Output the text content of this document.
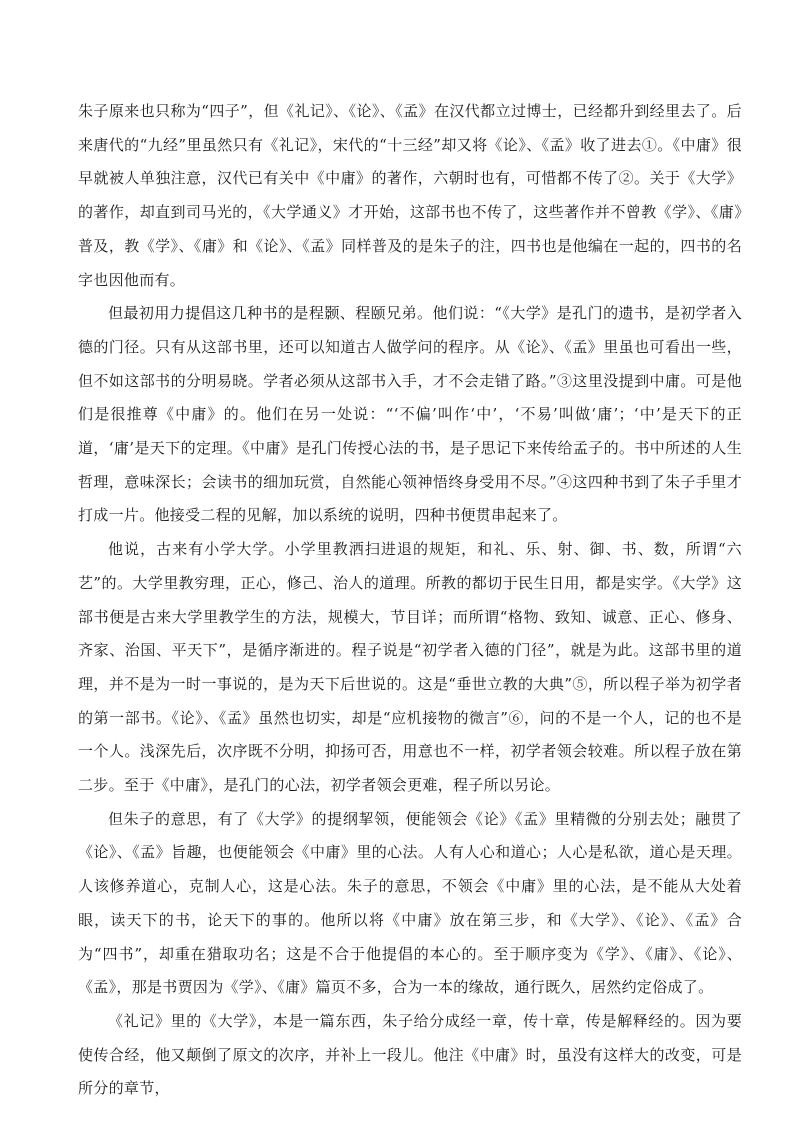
朱子原来也只称为“四子”，但《礼记》、《论》、《孟》在汉代都立过博士，已经都升到经里去了。后来唐代的“九经”里虽然只有《礼记》，宋代的“十三经”却又将《论》、《孟》收了进去①。《中庸》很早就被人单独注意，汉代已有关中《中庸》的著作，六朝时也有，可惜都不传了②。关于《大学》的著作，却直到司马光的，《大学通义》才开始，这部书也不传了，这些著作并不曾教《学》、《庸》普及，教《学》、《庸》和《论》、《孟》同样普及的是朱子的注，四书也是他编在一起的，四书的名字也因他而有。

但最初用力提倡这几种书的是程颢、程颐兄弟。他们说：“《大学》是孔门的遗书，是初学者入德的门径。只有从这部书里，还可以知道古人做学问的程序。从《论》、《孟》里虽也可看出一些，但不如这部书的分明易晓。学者必须从这部书入手，才不会走错了路。”③这里没提到中庸。可是他们是很推尊《中庸》的。他们在另一处说：“‘不偏’叫作‘中’，‘不易’叫做‘庸’；‘中’是天下的正道，‘庸’是天下的定理。《中庸》是孔门传授心法的书，是子思记下来传给孟子的。书中所述的人生哲理，意味深长；会读书的细加玩赏，自然能心领神悟终身受用不尽。”④这四种书到了朱子手里才打成一片。他接受二程的见解，加以系统的说明，四种书便贯串起来了。

他说，古来有小学大学。小学里教洒扫进退的规矩，和礼、乐、射、御、书、数，所谓“六艺”的。大学里教穷理，正心，修己、治人的道理。所教的都切于民生日用，都是实学。《大学》这部书便是古来大学里教学生的方法，规模大，节目详；而所谓“格物、致知、诚意、正心、修身、齐家、治国、平天下”，是循序渐进的。程子说是“初学者入德的门径”，就是为此。这部书里的道理，并不是为一时一事说的，是为天下后世说的。这是“垂世立教的大典”⑤，所以程子举为初学者的第一部书。《论》、《孟》虽然也切实，却是“应机接物的微言”⑥，问的不是一个人，记的也不是一个人。浅深先后，次序既不分明，抑扬可否，用意也不一样，初学者领会较难。所以程子放在第二步。至于《中庸》，是孔门的心法，初学者领会更难，程子所以另论。

但朱子的意思，有了《大学》的提纲挈领，便能领会《论》《孟》里精微的分别去处；融贯了《论》、《孟》旨趣，也便能领会《中庸》里的心法。人有人心和道心；人心是私欲，道心是天理。人该修养道心，克制人心，这是心法。朱子的意思，不领会《中庸》里的心法，是不能从大处着眼，读天下的书，论天下的事的。他所以将《中庸》放在第三步，和《大学》、《论》、《孟》合为“四书”，却重在猎取功名；这是不合于他提倡的本心的。至于顺序变为《学》、《庸》、《论》、《孟》，那是书贾因为《学》、《庸》篇页不多，合为一本的缘故，通行既久，居然约定俗成了。

《礼记》里的《大学》，本是一篇东西，朱子给分成经一章，传十章，传是解释经的。因为要使传合经，他又颠倒了原文的次序，并补上一段儿。他注《中庸》时，虽没有这样大的改变，可是所分的章节，
